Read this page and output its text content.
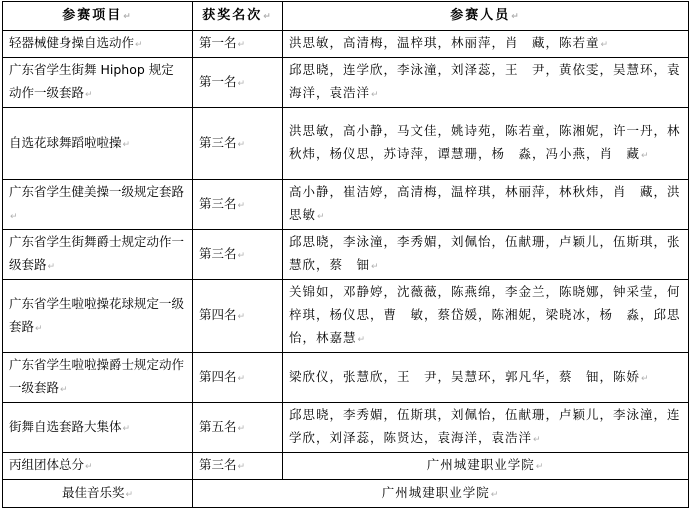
参赛项目↵	获奖名次↵	参赛人员↵
轻器械健身操自选动作↵	第一名↵	洪思敏，高清梅，温梓琪，林丽萍，肖　藏，陈若童↵
广东省学生街舞 Hiphop 规定动作一级套路↵	第一名↵	邱思晓，连学欣，李泳潼，刘泽蕊，王　尹，黄依雯，吴慧环，袁海洋，袁浩洋↵
自选花球舞蹈啦啦操↵	第三名↵	洪思敏，高小静，马文佳，姚诗苑，陈若童，陈湘妮，许一丹，林秋炜，杨仪思，苏诗萍，谭慧珊，杨　淼，冯小燕，肖　藏↵
广东省学生健美操一级规定套路↵	第三名↵	高小静，崔洁婷，高清梅，温梓琪，林丽萍，林秋炜，肖　藏，洪思敏↵
广东省学生街舞爵士规定动作一级套路↵	第三名↵	邱思晓，李泳潼，李秀媚，刘佩怡，伍献珊，卢颖儿，伍斯琪，张慧欣，蔡　钿↵
广东省学生啦啦操花球规定一级套路↵	第四名↵	关锦如，邓静婷，沈薇薇，陈燕绵，李金兰，陈晓娜，钟采莹，何梓琪，杨仪思，曹　敏，蔡岱媛，陈湘妮，梁晓冰，杨　淼，邱思怡，林嘉慧↵
广东省学生啦啦操爵士规定动作一级套路↵	第四名↵	梁欣仪，张慧欣，王　尹，吴慧环，郭凡华，蔡　钿，陈娇↵
街舞自选套路大集体↵	第五名↵	邱思晓，李秀媚，伍斯琪，刘佩怡，伍献珊，卢颖儿，李泳潼，连学欣，刘泽蕊，陈贤达，袁海洋，袁浩洋↵
丙组团体总分↵	第三名↵	广州城建职业学院↵
最佳音乐奖↵	广州城建职业学院↵	
